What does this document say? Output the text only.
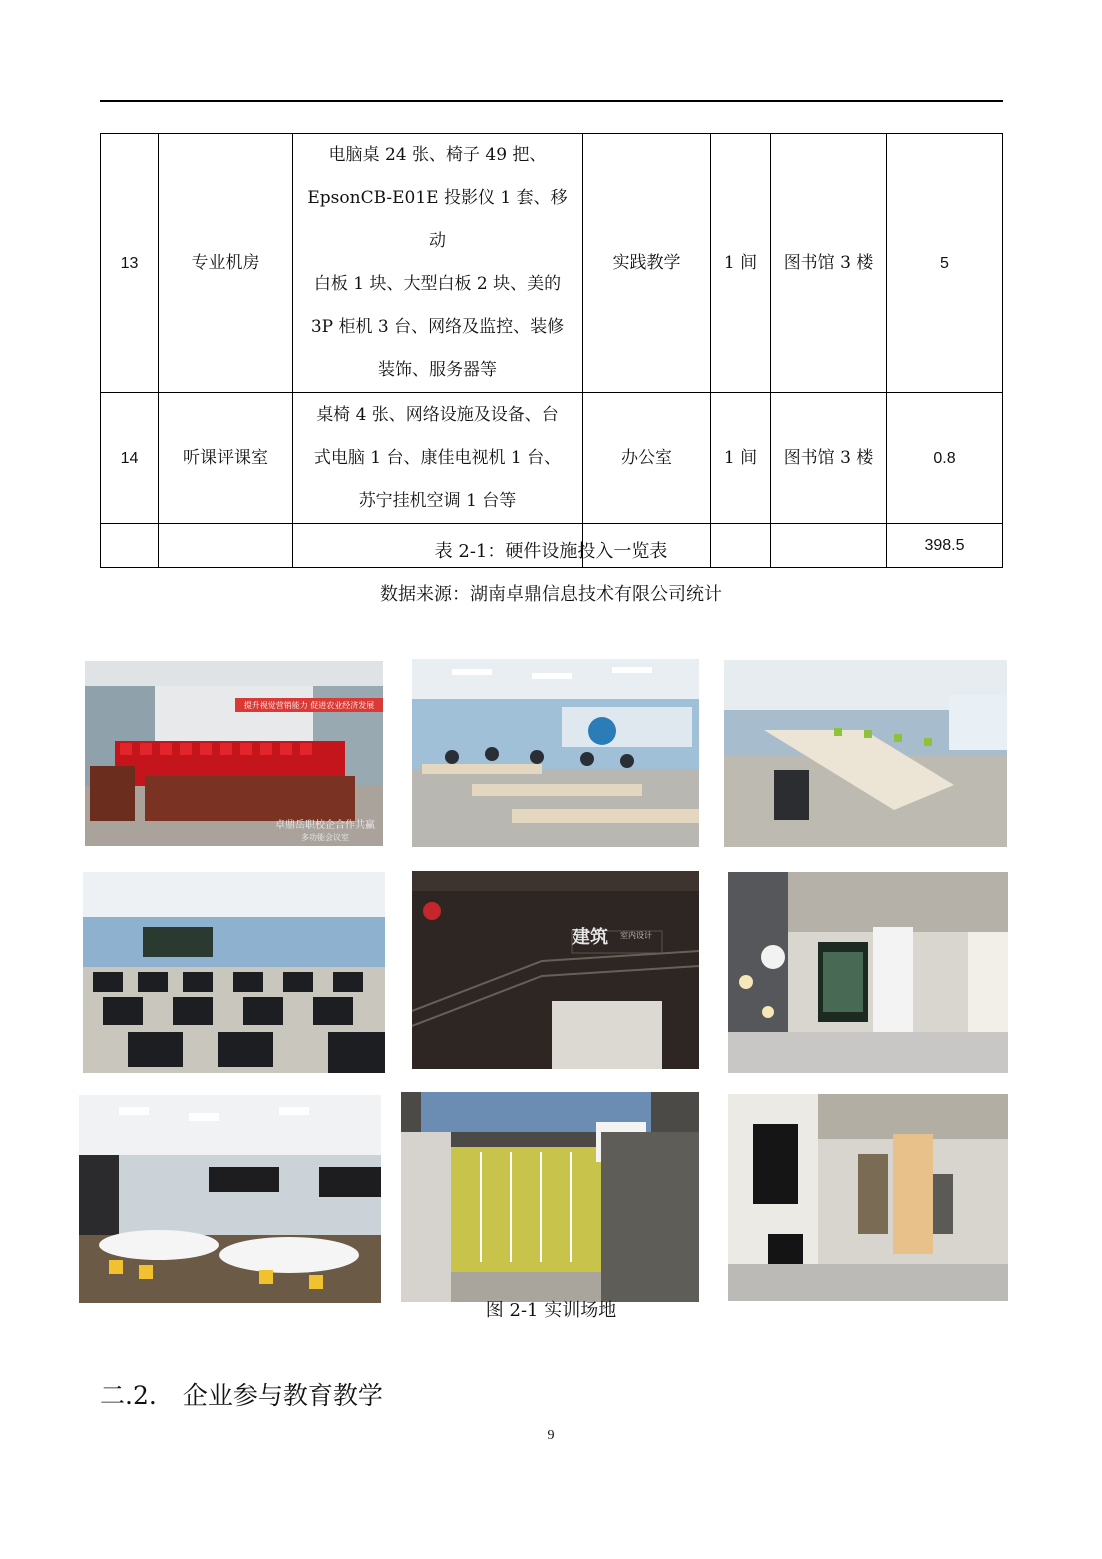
13	专业机房	电脑桌 24 张、椅子 49 把、
EpsonCB-E01E 投影仪 1 套、移动
白板 1 块、大型白板 2 块、美的
3P 柜机 3 台、网络及监控、装修
装饰、服务器等	实践教学	1 间	图书馆 3 楼	5
14	听课评课室	桌椅 4 张、网络设施及设备、台
式电脑 1 台、康佳电视机 1 台、
苏宁挂机空调 1 台等	办公室	1 间	图书馆 3 楼	0.8
						398.5
表 2-1：硬件设施投入一览表
数据来源：湖南卓鼎信息技术有限公司统计
提升视觉营销能力 促进农业经济发展
卓鼎岳职校企合作共赢
多功能会议室
建筑 室内设计
图 2-1 实训场地
二.2. 企业参与教育教学
9
